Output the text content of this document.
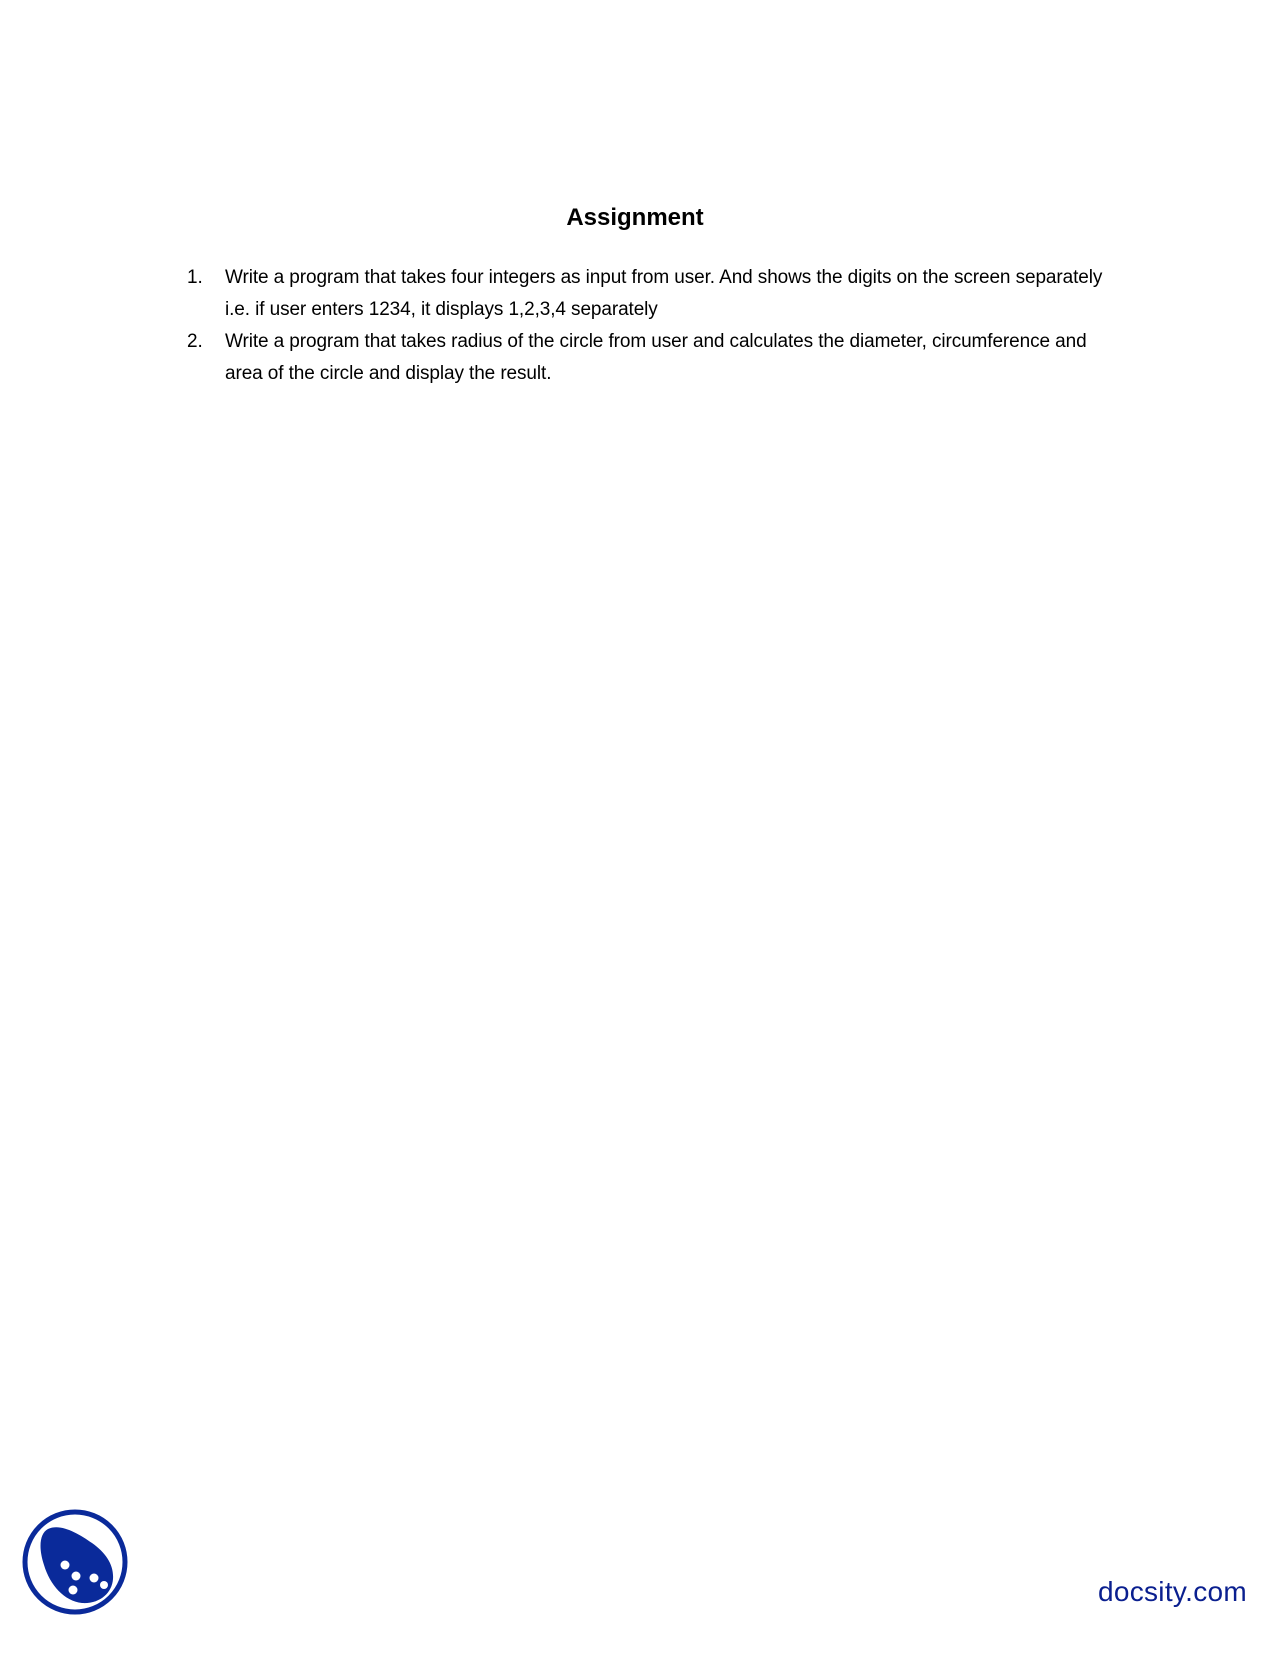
Assignment
1. Write a program that takes four integers as input from user. And shows the digits on the screen separately i.e. if user enters 1234, it displays 1,2,3,4 separately
2. Write a program that takes radius of the circle from user and calculates the diameter, circumference and area of the circle and display the result.
docsity.com
